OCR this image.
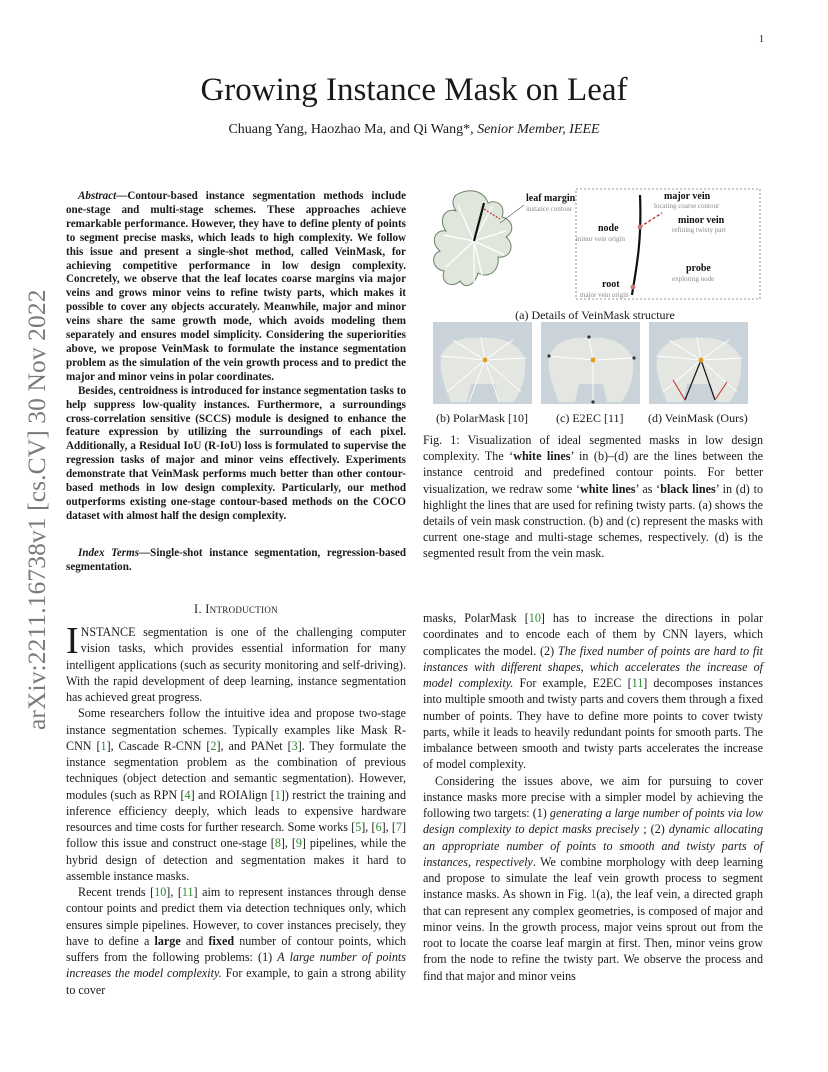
1
arXiv:2211.16738v1 [cs.CV] 30 Nov 2022
Growing Instance Mask on Leaf
Chuang Yang, Haozhao Ma, and Qi Wang*, Senior Member, IEEE

Abstract—Contour-based instance segmentation methods include one-stage and multi-stage schemes. These approaches achieve remarkable performance. However, they have to define plenty of points to segment precise masks, which leads to high complexity. We follow this issue and present a single-shot method, called VeinMask, for achieving competitive performance in low design complexity. Concretely, we observe that the leaf locates coarse margins via major veins and grows minor veins to refine twisty parts, which makes it possible to cover any objects accurately. Meanwhile, major and minor veins share the same growth mode, which avoids modeling them separately and ensures model simplicity. Considering the superiorities above, we propose VeinMask to formulate the instance segmentation problem as the simulation of the vein growth process and to predict the major and minor veins in polar coordinates.

Besides, centroidness is introduced for instance segmentation tasks to help suppress low-quality instances. Furthermore, a surroundings cross-correlation sensitive (SCCS) module is designed to enhance the feature expression by utilizing the surroundings of each pixel. Additionally, a Residual IoU (R-IoU) loss is formulated to supervise the regression tasks of major and minor veins effectively. Experiments demonstrate that VeinMask performs much better than other contour-based methods in low design complexity. Particularly, our method outperforms existing one-stage contour-based methods on the COCO dataset with almost half the design complexity.

Index Terms—Single-shot instance segmentation, regression-based segmentation.
I. Introduction

INSTANCE segmentation is one of the challenging computer vision tasks, which provides essential information for many intelligent applications (such as security monitoring and self-driving). With the rapid development of deep learning, instance segmentation has achieved great progress.

Some researchers follow the intuitive idea and propose two-stage instance segmentation schemes. Typically examples like Mask R-CNN [1], Cascade R-CNN [2], and PANet [3]. They formulate the instance segmentation problem as the combination of previous techniques (object detection and semantic segmentation). However, modules (such as RPN [4] and ROIAlign [1]) restrict the training and inference efficiency deeply, which leads to expensive hardware resources and time costs for further research. Some works [5], [6], [7] follow this issue and construct one-stage [8], [9] pipelines, while the hybrid design of detection and segmentation makes it hard to assemble instance masks.

Recent trends [10], [11] aim to represent instances through dense contour points and predict them via detection techniques only, which ensures simple pipelines. However, to cover instances precisely, they have to define a large and fixed number of contour points, which suffers from the following problems: (1) A large number of points increases the model complexity. For example, to gain a strong ability to cover

masks, PolarMask [10] has to increase the directions in polar coordinates and to encode each of them by CNN layers, which complicates the model. (2) The fixed number of points are hard to fit instances with different shapes, which accelerates the increase of model complexity. For example, E2EC [11] decomposes instances into multiple smooth and twisty parts and covers them through a fixed number of points. They have to define more points to cover twisty parts, while it leads to heavily redundant points for smooth parts. The imbalance between smooth and twisty parts accelerates the increase of model complexity.

Considering the issues above, we aim for pursuing to cover instance masks more precise with a simpler model by achieving the following two targets: (1) generating a large number of points via low design complexity to depict masks precisely ; (2) dynamic allocating an appropriate number of points to smooth and twisty parts of instances, respectively. We combine morphology with deep learning and propose to simulate the leaf vein growth process to segment instance masks. As shown in Fig. 1(a), the leaf vein, a directed graph that can represent any complex geometries, is composed of major and minor veins. In the growth process, major veins sprout out from the root to locate the coarse leaf margin at first. Then, minor veins grow from the node to refine the twisty part. We observe the process and find that major and minor veins

leaf margin
instance contour
major vein
locating coarse contour
minor vein
refining twisty part
node
minor vein origin
probe
exploring node
root
major vein origin
(a) Details of VeinMask structure
(b) PolarMask [10] (c) E2EC [11] (d) VeinMask (Ours)
Fig. 1: Visualization of ideal segmented masks in low design complexity. The ‘white lines’ in (b)–(d) are the lines between the instance centroid and predefined contour points. For better visualization, we redraw some ‘white lines’ as ‘black lines’ in (d) to highlight the lines that are used for refining twisty parts. (a) shows the details of vein mask construction. (b) and (c) represent the masks with current one-stage and multi-stage schemes, respectively. (d) is the segmented result from the vein mask.
